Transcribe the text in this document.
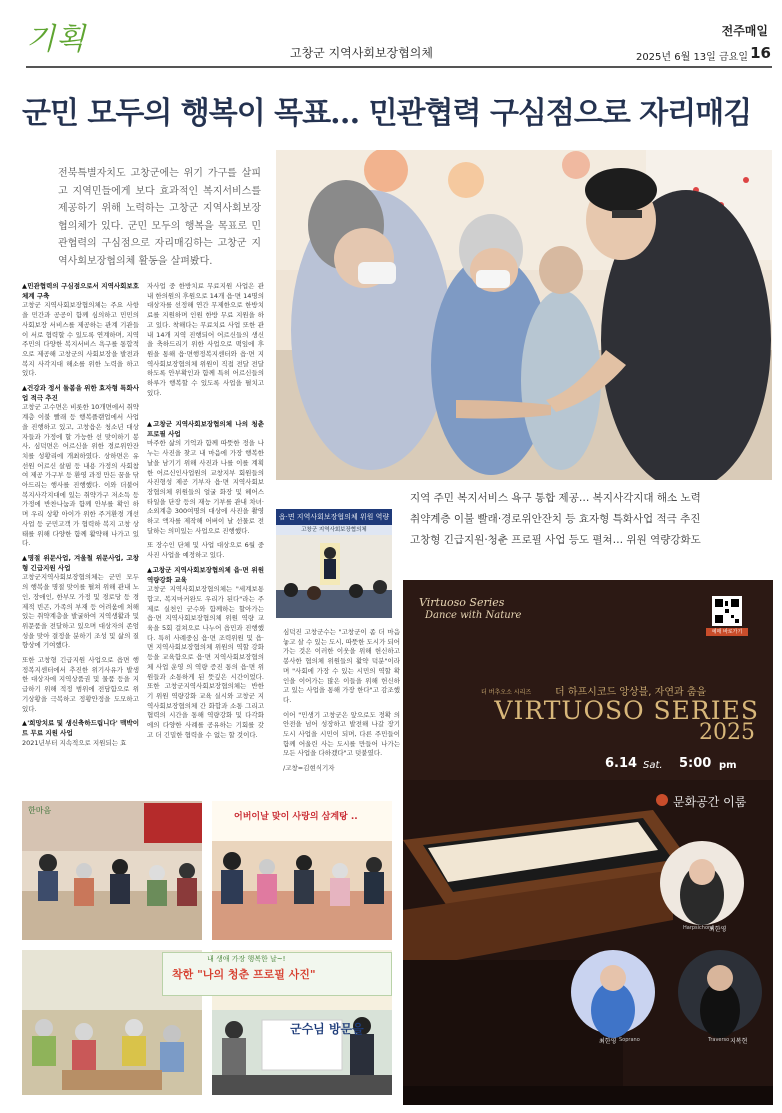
기획	전주매일
고창군 지역사회보장협의체	2025년 6월 13일 금요일 16
군민 모두의 행복이 목표… 민관협력 구심점으로 자리매김
전북특별자치도 고창군에는 위기 가구를 살피고 지역민들에게 보다 효과적인 복지서비스를 제공하기 위해 노력하는 고창군 지역사회보장협의체가 있다. 군민 모두의 행복을 목표로 민관협력의 구심점으로 자리매김하는 고창군 지역사회보장협의체 활동을 살펴봤다.

▲민관협력의 구심점으로서 지역사회보호체계 구축
고창군 지역사회보장협의체는 주요 사항을 민간과 공공이 함께 심의하고 민민의 사회보장 서비스를 제공하는 관계 기관들이 서로 협력할 수 있도록 연계하며, 지역 주민의 다양한 복지서비스 욕구를 통합적으로 제공해 고창군의 사회보장을 발전과 복지 사각지대 해소를 위한 노력을 하고 있다.

▲건강과 정서 돌봄을 위한 효자형 특화사업 적극 추진
고창군 고수면은 비롯한 10개면에서 취약계층 이불 빨래 등 행복플랜업에서 사업을 진행하고 있고, 고창읍은 청소년 대상자들과 가정에 할 가능한 선 맞이하기 봉사, 심덕면은 어르신을 위한 경로위안잔치를 성황리에 개최하였다. 상하면은 유선원 어르신 살핌 등 내용 가정의 사회참여 제공 가구부 등 환영 과정 만든 꿈을 닦아드리는 행사를 진행했다. 이와 더불어 복지사각지대에 있는 취약가구 저소득 등 가정에 반찬나눔과 함께 안부를 확인 하며 우리 상황 아이가 위한 주거환경 개선 사업 등 군민고객 가 협력하 복지 고창 상태를 위해 다양한 함께 활약해 나가고 있다.

▲명절 위문사업, 겨울철 위문사업, 고창형 긴급지원 사업
고창군지역사회보장협의체는 군민 모두의 행복을 명절 맞이를 펼쳐 위해 관내 노인, 장애인, 한부모 가정 및 경로당 등 경제적 빈곤, 가족의 부재 등 어려움에 처해있는 취약계층을 발굴하여 지역생활과 및 위문품을 전달하고 있으며 대상자의 존엄성을 맞아 결정을 분하기 조성 및 삶의 질 향상에 기여했다.

또한 고창형 긴급지원 사업으로 읍면 행정복지센터에서 추진한 위기사유가 발생한 대상자에 지역상품권 및 물품 등을 지급하기 위해 적정 범위에 전담함으로 위기상황을 극복하고 정황안정을 도모하고 있다.

▲'희망치료 및 생신축하드립니다' 맥박이트 무료 지원 사업
2021년부터 지속적으로 지원되는 효

자사업 중 한방치료 무료지원 사업은 관내 한의원의 후원으로 14개 읍·면 14명의 대상자를 선정해 연간 무제한으로 한방치료를 지원하며 인원 한방 무료 지원을 하고 있다. 착해다는 무료치료 사업 또한 관내 14개 지역 진행되어 어르신들의 생신을 축하드리기 위한 사업으로 떡잎에 후원을 통해 읍·면행정복지센터와 읍·면 지역사회보장협의체 위원이 직접 전달 전달하도록 안부확인과 함께 특히 어르신들의 하루가 행복할 수 있도록 사업을 펼치고 있다.

▲고창군 지역사회보장협의체 나의 청춘 프로필 사업
마주한 삶의 기억과 함께 따뜻한 정을 나누는 사진을 찾고 내 마음에 가장 행복한 날을 남기기 위해 사진과 나를 이를 계획한 어르신인사업원의 교창지부 회원들의 사진형성 제공 기부자 읍·면 지역사회보장협의체 위원들의 얼굴 화장 및 헤어스타일을 단장 등의 재능 기부를 관내 차녀·소외계층 300여명의 대상에 사진을 촬영하고 액자를 제작해 어버이 날 선물로 전달하는 의미있는 사업으로 진행했다.

또 장수인 단체 및 사업 대상으로 6월 중 사진 사업을 예정하고 있다.

▲고창군 지역사회보장협의체 읍·면 위원 역량강화 교육
고창군 지역사회보장협의체는 "세계보통합고, 복지마커완도 우리가 된다"라는 주제로 실천인 군수와 함께하는 할아가는 읍·면 지역사회보장협의체 위원 역량 교육을 5회 걸쳐으로 나누어 읍민과 진행했다. 특히 사례중심 읍·면 조력위원 및 읍·면 지역사회보장협의체 위원의 역할 강화 등을 교육함으로 읍·면 지역사회보장협의체 사업 운영 의 역량 증진 통의 읍·면 위원들과 소통하게 된 뜻깊은 시간이었다. 또한 고창군지역사회보장협의체는 반한기 위원 역량강화 교육 실시와 고창군 지역사회보장협의체 간 화합과 소통 그리고 협력의 시간을 통해 역량강화 및 다각화에의 다양한 사례를 공유하는 기회를 갖고 더 긴밀한 협력을 수 없는 할 것이다.

심덕진 고창군수는 "고창군이 좀 더 마음 놓고 살 수 있는 도시, 따뜻한 도시가 되어 가는 것은 이러한 이웃을 위해 헌신하고 봉사한 협의체 위원들의 활약 덕분"이라며 "사회에 가장 수 있는 시민의 역할 확인을 이어가는 많은 이들을 위해 헌신하고 있는 사업을 통해 가장 한다"고 감조했다.

이어 "민생기 고창군은 앞으로도 정확 의 안전을 넘어 성장하고 발전해 나갈 장기 도시 사업을 시민이 되며, 다른 주민들이 함께 어울린 사는 도시를 만들어 나가는 모든 사업을 다하겠다"고 덧붙였다.

/고창=김현식기자

지역 주민 복지서비스 욕구 통합 제공… 복지사각지대 해소 노력
취약계층 이불 빨래·경로위안잔치 등 효자형 특화사업 적극 추진
고창형 긴급지원·청춘 프로필 사업 등도 펼쳐… 위원 역량강화도
읍·면 지역사회보장협의체 위원 역량
고창군 지역사회보장협의체
한마음
어버이날 맞이 사랑의 삼계탕 ..
내 생애 가장 행복한 날~!
착한 "나의 청춘 프로필 사진"
군수님 방문을
Virtuoso Series
Dance with Nature
예매 바로가기
더 버추오소 시리즈 더 하프시코드 앙상블, 자연과 춤을
VIRTUOSO SERIES
2025
6.14 Sat. 5:00 pm
문화공간 이룸
Harpsichord
최한영
최한영 Soprano	Traverso 지복현
